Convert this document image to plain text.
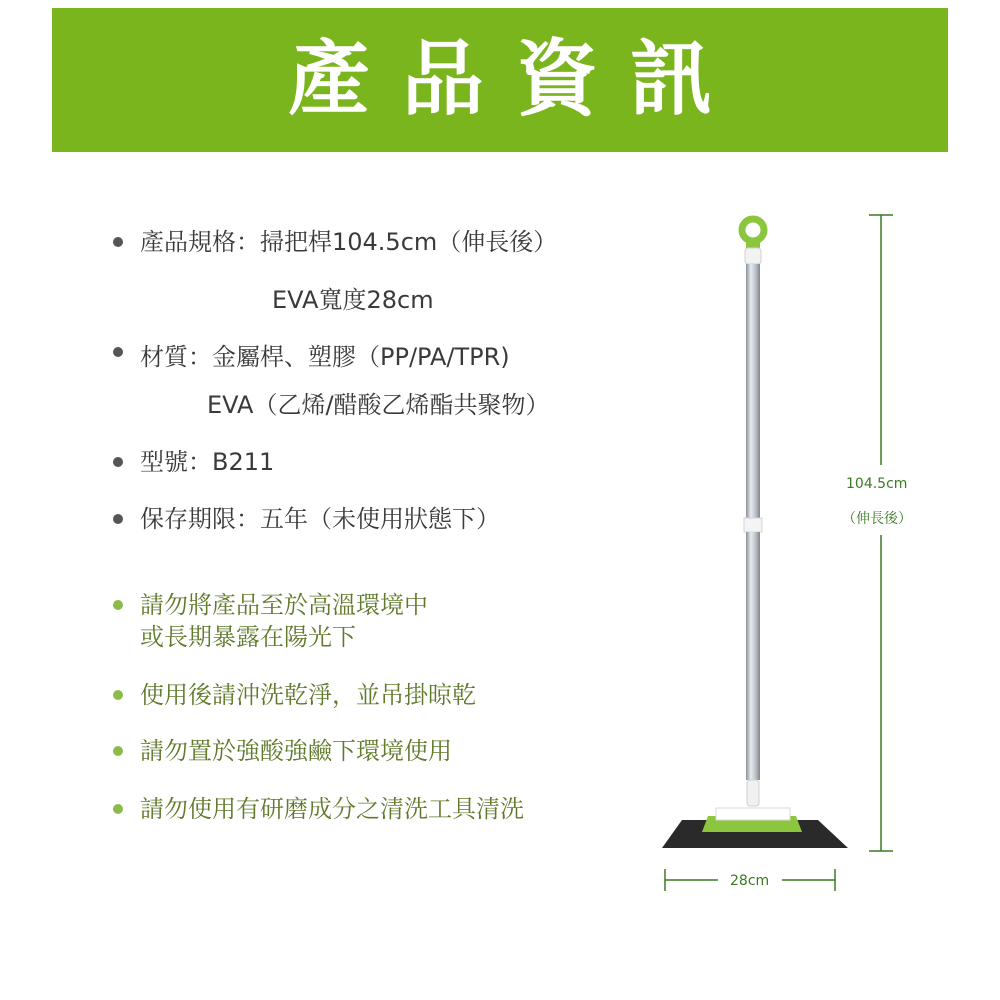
產品資訊
產品規格：掃把桿104.5cm（伸長後）
EVA寬度28cm
材質：金屬桿、塑膠（PP/PA/TPR)
EVA（乙烯/醋酸乙烯酯共聚物）
型號：B211
保存期限：五年（未使用狀態下）
請勿將產品至於高溫環境中
或長期暴露在陽光下
使用後請沖洗乾淨，並吊掛晾乾
請勿置於強酸強鹼下環境使用
請勿使用有研磨成分之清洗工具清洗
104.5cm
（伸長後）
28cm
